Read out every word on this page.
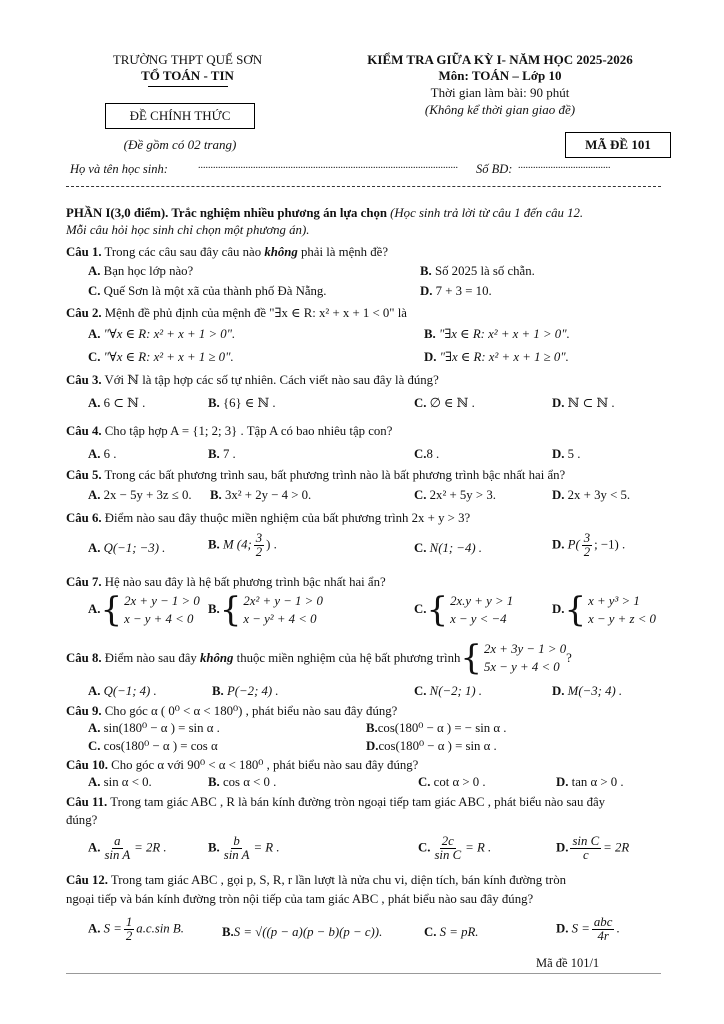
TRƯỜNG THPT QUẾ SƠN
TỔ TOÁN - TIN
ĐỀ CHÍNH THỨC
(Đề gồm có 02 trang)
KIỂM TRA GIỮA KỲ I- NĂM HỌC 2025-2026
Môn: TOÁN – Lớp 10
Thời gian làm bài: 90 phút
(Không kể thời gian giao đề)
MÃ ĐỀ 101
Họ và tên học sinh:	........................................................................................................ Số BD: .....................................
PHẦN I(3,0 điểm). Trắc nghiệm nhiều phương án lựa chọn (Học sinh trả lời từ câu 1 đến câu 12.
Mỗi câu hỏi học sinh chỉ chọn một phương án).
Câu 1. Trong các câu sau đây câu nào không phải là mệnh đề?
A. Bạn học lớp nào?	B. Số 2025 là số chẵn.
C. Quế Sơn là một xã của thành phố Đà Nẵng.	D. 7 + 3 = 10.
Câu 2. Mệnh đề phủ định của mệnh đề "∃x ∈ R: x² + x + 1 < 0" là
A. "∀x ∈ R: x² + x + 1 > 0".	B. "∃x ∈ R: x² + x + 1 > 0".
C. "∀x ∈ R: x² + x + 1 ≥ 0".	D. "∃x ∈ R: x² + x + 1 ≥ 0".
Câu 3. Với ℕ là tập hợp các số tự nhiên. Cách viết nào sau đây là đúng?
A. 6 ⊂ ℕ .	B. {6} ∈ ℕ .	C. ∅ ∈ ℕ .	D. ℕ ⊂ ℕ .
Câu 4. Cho tập hợp A = {1; 2; 3} . Tập A có bao nhiêu tập con?
A. 6 .	B. 7 .	C.8 .	D. 5 .
Câu 5. Trong các bất phương trình sau, bất phương trình nào là bất phương trình bậc nhất hai ẩn?
A. 2x − 5y + 3z ≤ 0. B. 3x² + 2y − 4 > 0.	C. 2x² + 5y > 3.	D. 2x + 3y < 5.
Câu 6. Điểm nào sau đây thuộc miền nghiệm của bất phương trình 2x + y > 3?
A. Q(−1; −3) .	B. M (4; $\frac{3}{2}$ ) .	C. N(1; −4) .	D. $P( \frac{3}{2}$ ; −1) .
Câu 7. Hệ nào sau đây là hệ bất phương trình bậc nhất hai ẩn?
A.{ 2x + y − 1 > 0
x − y + 4 < 0
B.{ 2x² + y − 1 > 0
x − y² + 4 < 0
C.{ 2x.y + y > 1
x − y < −4
D.{ x + y³ > 1
x − y + z < 0
Câu 8. Điểm nào sau đây không thuộc miền nghiệm của hệ bất phương trình{ 2x + 3y − 1 > 0
5x − y + 4 < 0?
A. Q(−1; 4) .	B. P(−2; 4) .	C. N(−2; 1) .	D. M(−3; 4) .
Câu 9. Cho góc α ( 0⁰ < α < 180⁰) , phát biểu nào sau đây đúng?
A. sin(180⁰ − α ) = sin α .	B.cos(180⁰ − α ) = − sin α .
C. cos(180⁰ − α ) = cos α	D.cos(180⁰ − α ) = sin α .
Câu 10. Cho góc α với 90⁰ < α < 180⁰ , phát biểu nào sau đây đúng?
A. sin α < 0.	B. cos α < 0 .	C. cot α > 0 .	D. tan α > 0 .
Câu 11. Trong tam giác ABC , R là bán kính đường tròn ngoại tiếp tam giác ABC , phát biểu nào sau đây
đúng?
A. $\frac{a}{\text{sin A}} = 2R$ .	B. $\frac{b}{\text{sin A}} = R$ .	C. $\frac{2c}{\text{sin C}} = R$ .	D. $\frac{\text{sin C}}{c} = 2R$
Câu 12. Trong tam giác ABC , gọi p, S, R, r lần lượt là nửa chu vi, diện tích, bán kính đường tròn
ngoại tiếp và bán kính đường tròn nội tiếp của tam giác ABC , phát biểu nào sau đây đúng?
A. $S = \frac{1}{2} a.c.\sin$ B.	B.S = √((p − a)(p − b)(p − c)).	C. S = pR.	D. $S = \frac{\text{abc}}{4r}$ .
Mã đề 101/1
